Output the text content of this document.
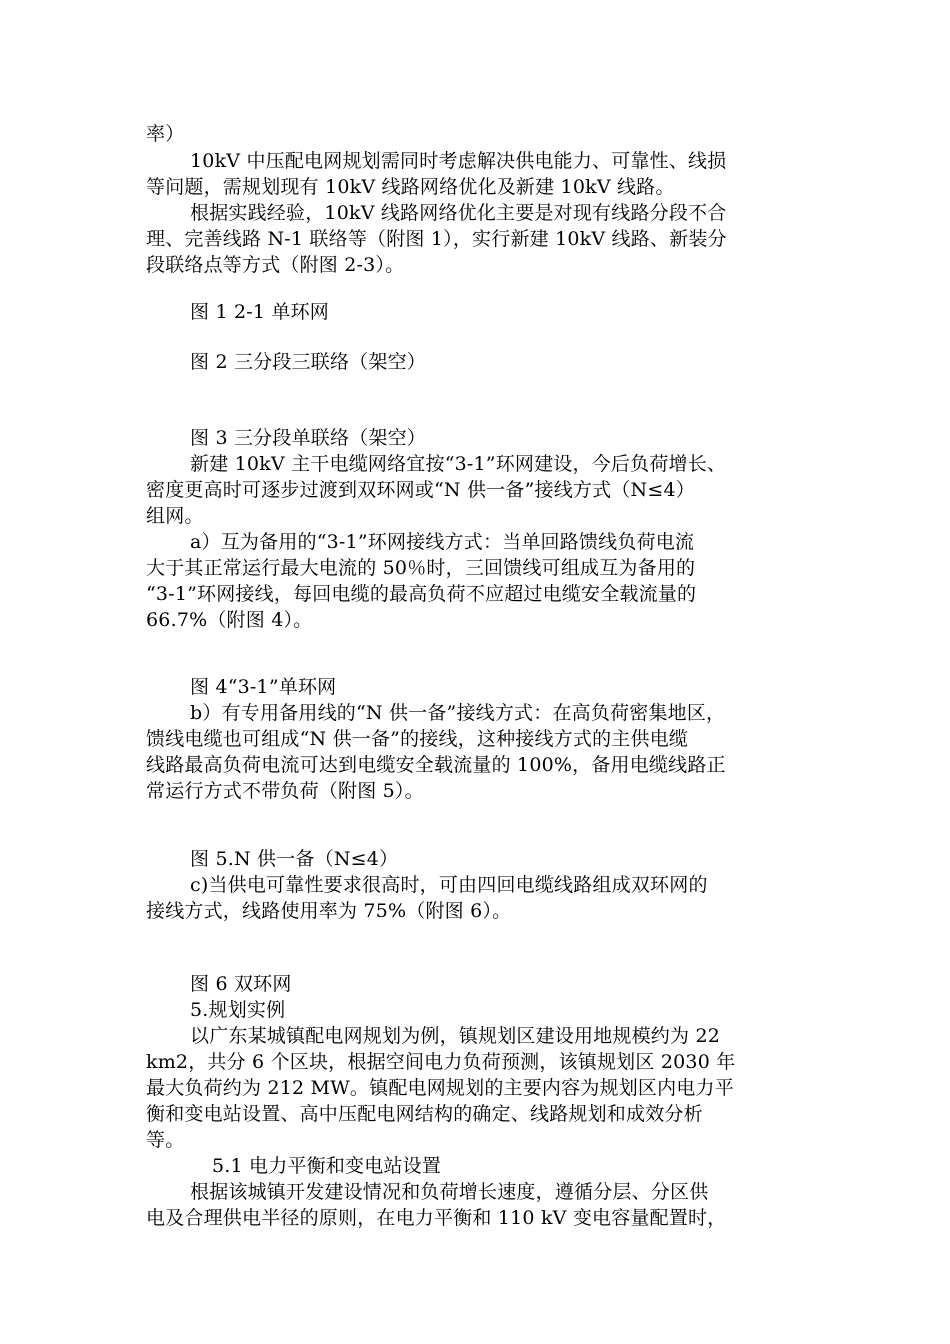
率）
10kV 中压配电网规划需同时考虑解决供电能力、可靠性、线损
等问题，需规划现有 10kV 线路网络优化及新建 10kV 线路。
根据实践经验，10kV 线路网络优化主要是对现有线路分段不合
理、完善线路 N-1 联络等（附图 1），实行新建 10kV 线路、新装分
段联络点等方式（附图 2-3）。
图 1 2-1 单环网
图 2 三分段三联络（架空）
图 3 三分段单联络（架空）
新建 10kV 主干电缆网络宜按“3-1”环网建设，今后负荷增长、
密度更高时可逐步过渡到双环网或“N 供一备”接线方式（N≤4）
组网。
a）互为备用的“3-1”环网接线方式：当单回路馈线负荷电流
大于其正常运行最大电流的 50％时，三回馈线可组成互为备用的
“3-1”环网接线，每回电缆的最高负荷不应超过电缆安全载流量的
66.7%（附图 4）。
图 4“3-1”单环网
b）有专用备用线的“N 供一备”接线方式：在高负荷密集地区，
馈线电缆也可组成“N 供一备”的接线，这种接线方式的主供电缆
线路最高负荷电流可达到电缆安全载流量的 100%，备用电缆线路正
常运行方式不带负荷（附图 5）。
图 5.N 供一备（N≤4）
c)当供电可靠性要求很高时，可由四回电缆线路组成双环网的
接线方式，线路使用率为 75%（附图 6）。
图 6 双环网
5.规划实例
以广东某城镇配电网规划为例，镇规划区建设用地规模约为 22
km2，共分 6 个区块，根据空间电力负荷预测，该镇规划区 2030 年
最大负荷约为 212 MW。镇配电网规划的主要内容为规划区内电力平
衡和变电站设置、高中压配电网结构的确定、线路规划和成效分析
等。
5.1 电力平衡和变电站设置
根据该城镇开发建设情况和负荷增长速度，遵循分层、分区供
电及合理供电半径的原则，在电力平衡和 110 kV 变电容量配置时，
